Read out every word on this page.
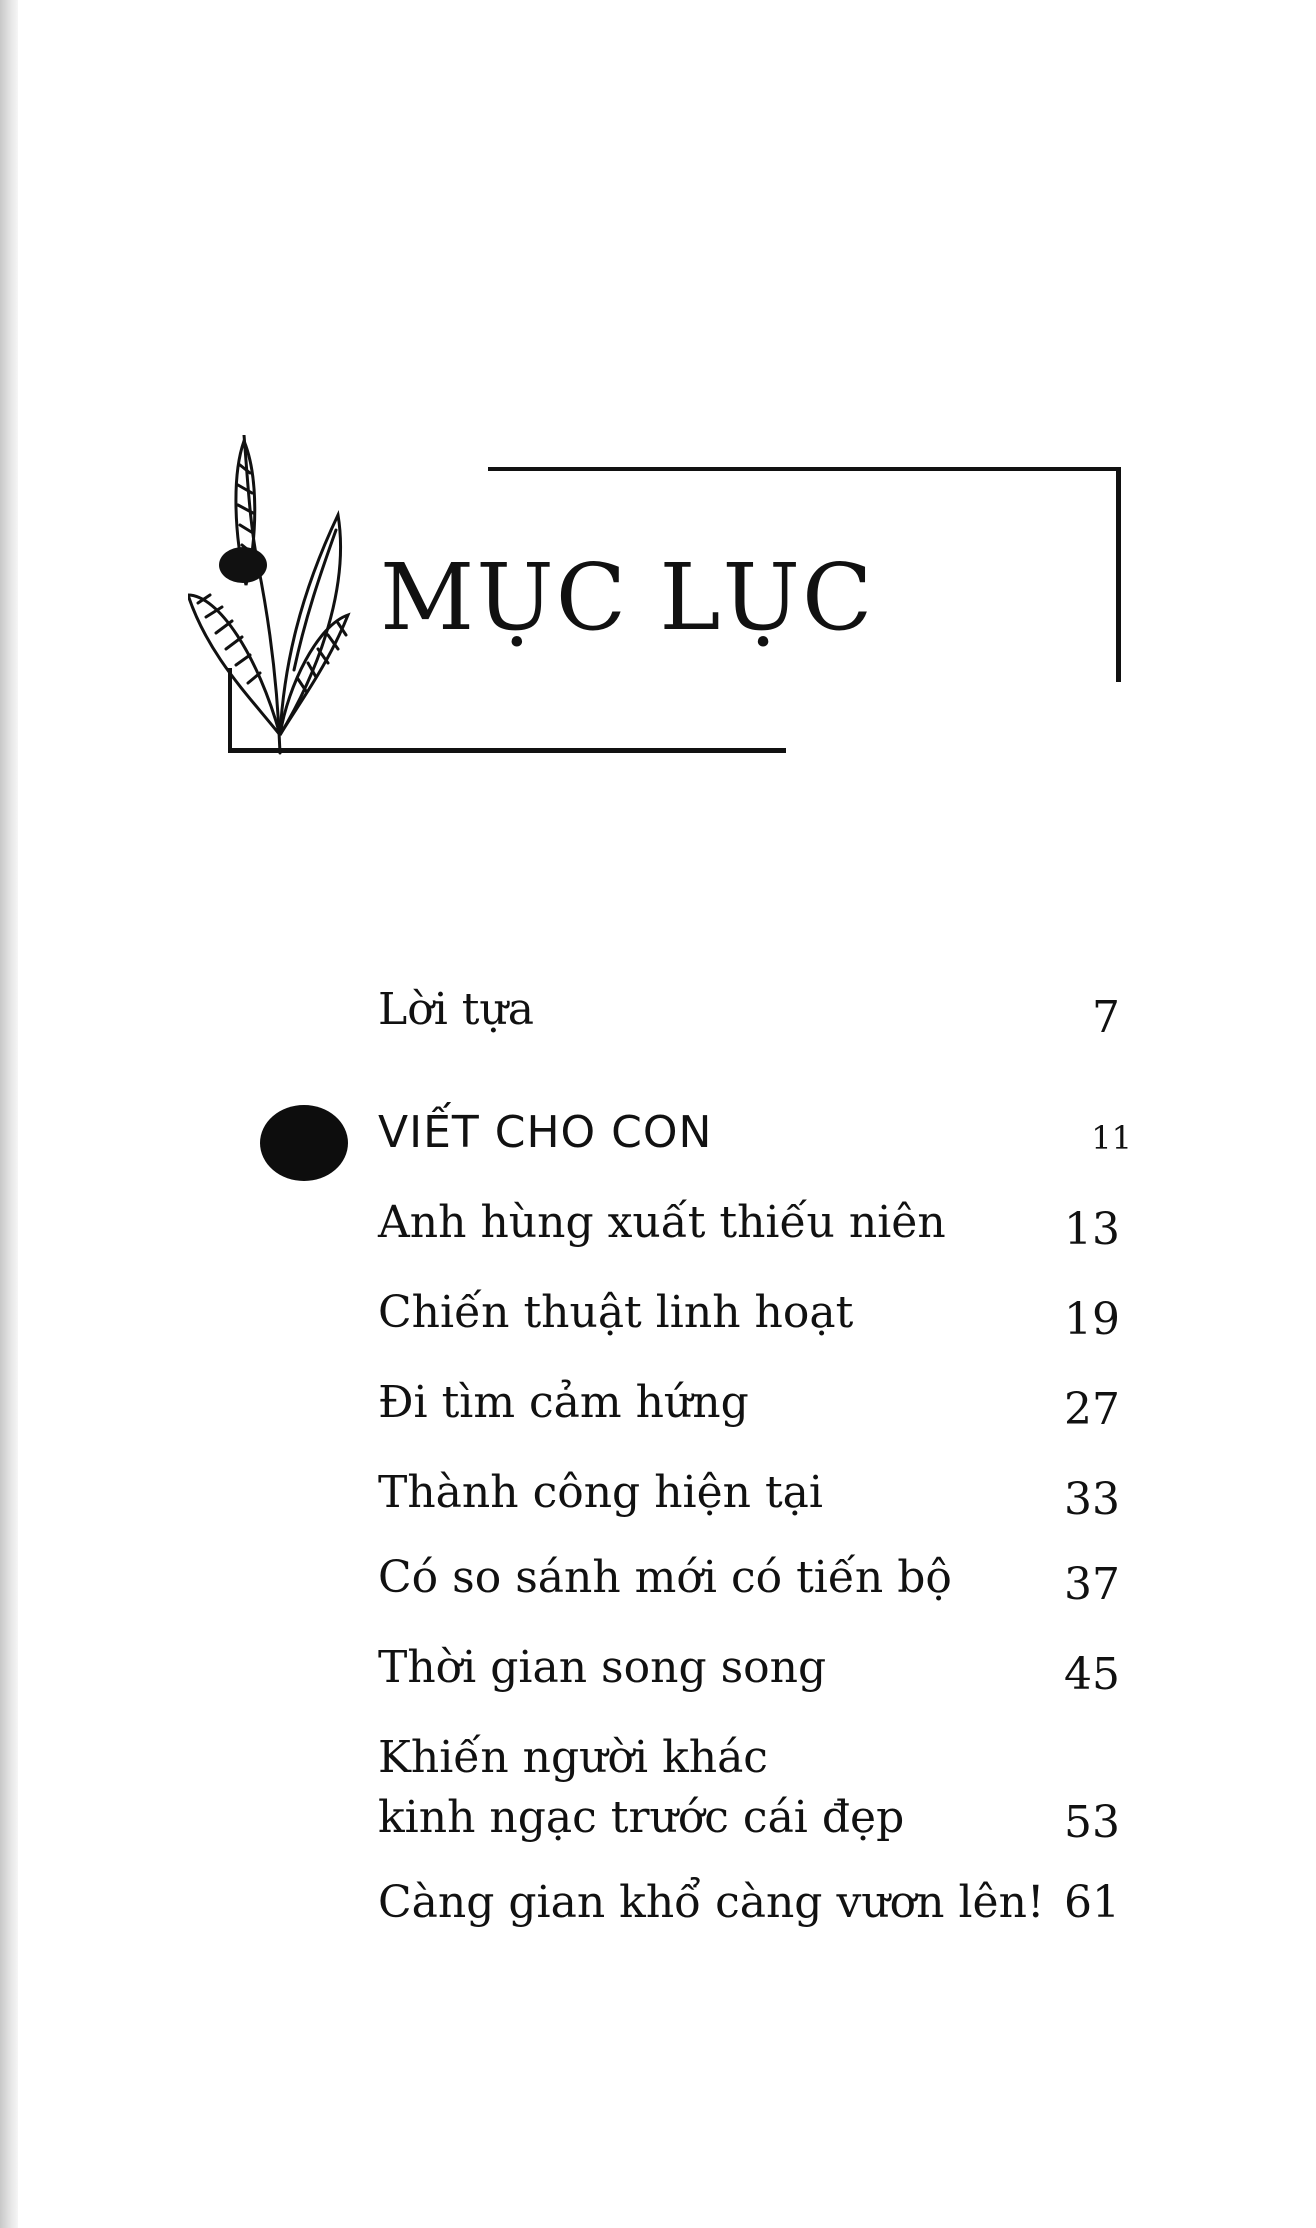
MỤC LỤC
Lời tựa	7
VIẾT CHO CON	11
Anh hùng xuất thiếu niên	13
Chiến thuật linh hoạt	19
Đi tìm cảm hứng	27
Thành công hiện tại	33
Có so sánh mới có tiến bộ	37
Thời gian song song	45
Khiến người khác
kinh ngạc trước cái đẹp	53
Càng gian khổ càng vươn lên! 61
